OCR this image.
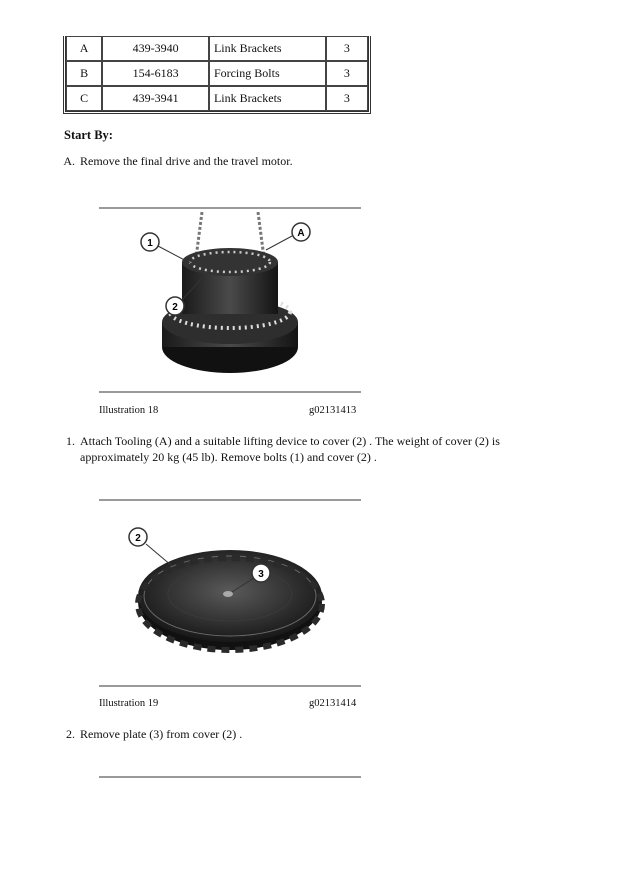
A	439-3940	Link Brackets	3
B	154-6183	Forcing Bolts	3
C	439-3941	Link Brackets	3
Start By:
A. Remove the final drive and the travel motor.
1
2
A
Illustration 18	g02131413
1. Attach Tooling (A) and a suitable lifting device to cover (2) . The weight of cover (2) is
approximately 20 kg (45 lb). Remove bolts (1) and cover (2) .
2
3
Illustration 19	g02131414
2. Remove plate (3) from cover (2) .
